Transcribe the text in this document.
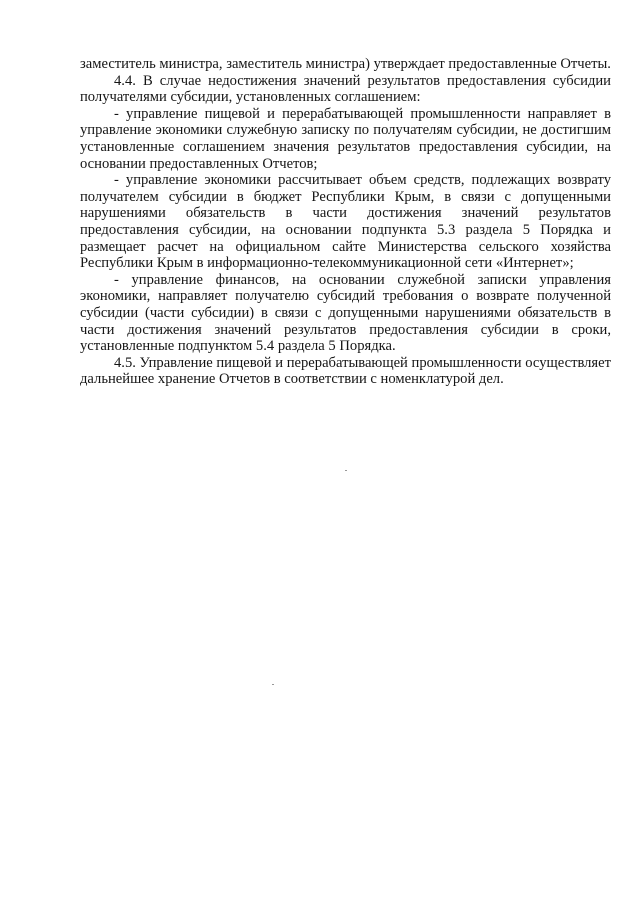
заместитель министра, заместитель министра) утверждает предоставленные Отчеты.

4.4. В случае недостижения значений результатов предоставления субсидии получателями субсидии, установленных соглашением:

- управление пищевой и перерабатывающей промышленности направляет в управление экономики служебную записку по получателям субсидии, не достигшим установленные соглашением значения результатов предоставления субсидии, на основании предоставленных Отчетов;

- управление экономики рассчитывает объем средств, подлежащих возврату получателем субсидии в бюджет Республики Крым, в связи с допущенными нарушениями обязательств в части достижения значений результатов предоставления субсидии, на основании подпункта 5.3 раздела 5 Порядка и размещает расчет на официальном сайте Министерства сельского хозяйства Республики Крым в информационно-телекоммуникационной сети «Интернет»;

- управление финансов, на основании служебной записки управления экономики, направляет получателю субсидий требования о возврате полученной субсидии (части субсидии) в связи с допущенными нарушениями обязательств в части достижения значений результатов предоставления субсидии в сроки, установленные подпунктом 5.4 раздела 5 Порядка.

4.5. Управление пищевой и перерабатывающей промышленности осуществляет дальнейшее хранение Отчетов в соответствии с номенклатурой дел.
